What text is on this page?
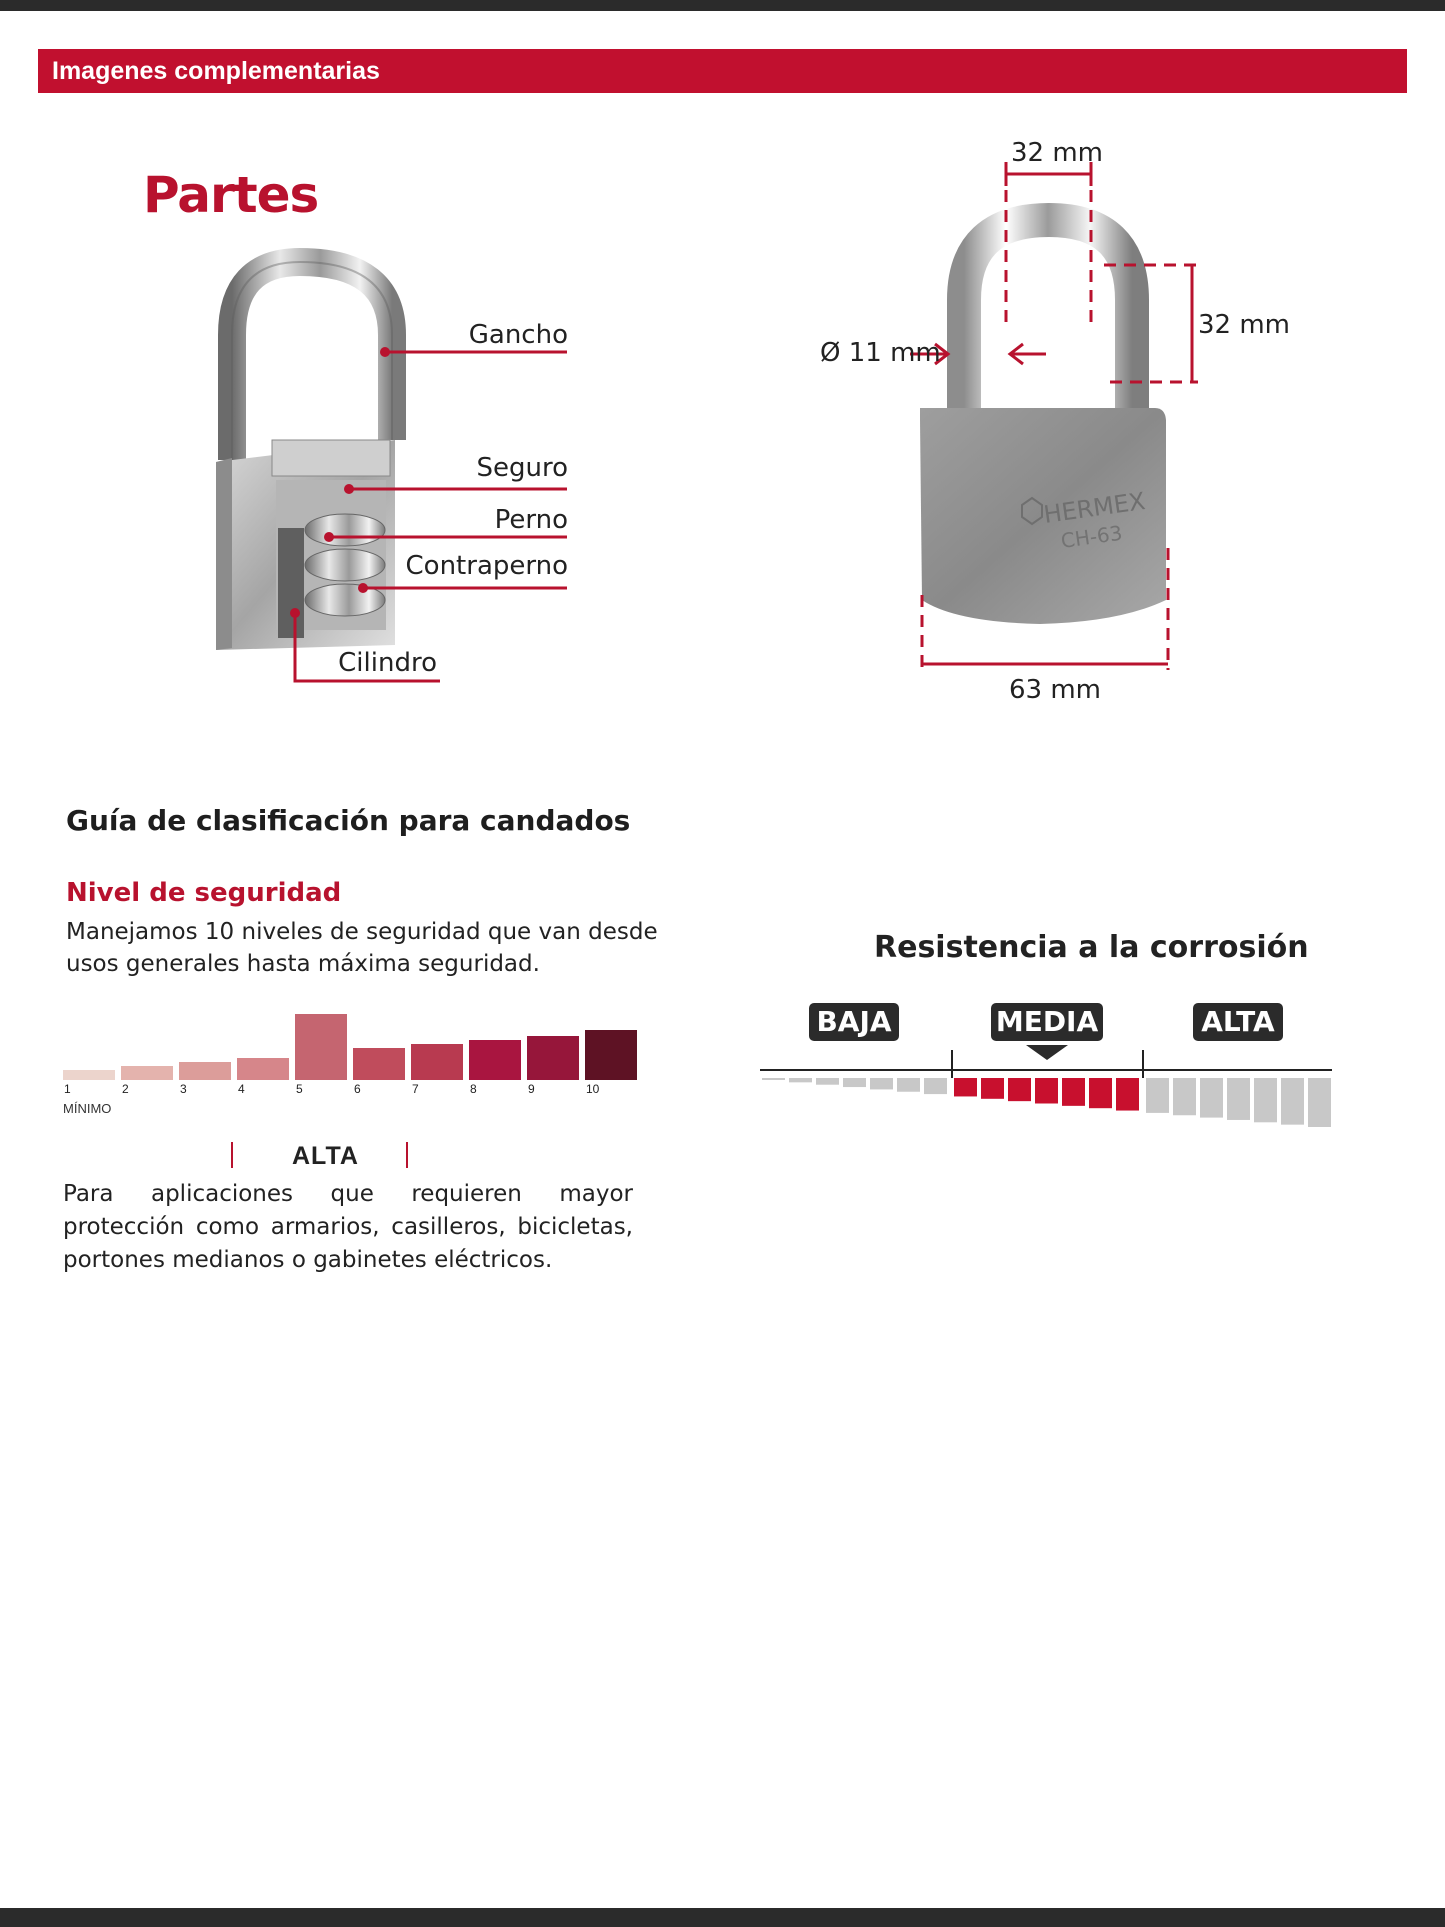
Imagenes complementarias
Partes
HERMEX
CH-63
Gancho
Seguro
Perno
Contraperno
Cilindro
32 mm
32 mm
Ø 11 mm
63 mm
Guía de clasificación para candados
Nivel de seguridad
Manejamos 10 niveles de seguridad que van desde usos generales hasta máxima seguridad.
1	2	3	4	5	6	7	8	9	10
MÍNIMO
ALTA
Para aplicaciones que requieren mayor protección como armarios, casilleros, bicicletas, portones medianos o gabinetes eléctricos.
Resistencia a la corrosión
BAJA	MEDIA	ALTA
